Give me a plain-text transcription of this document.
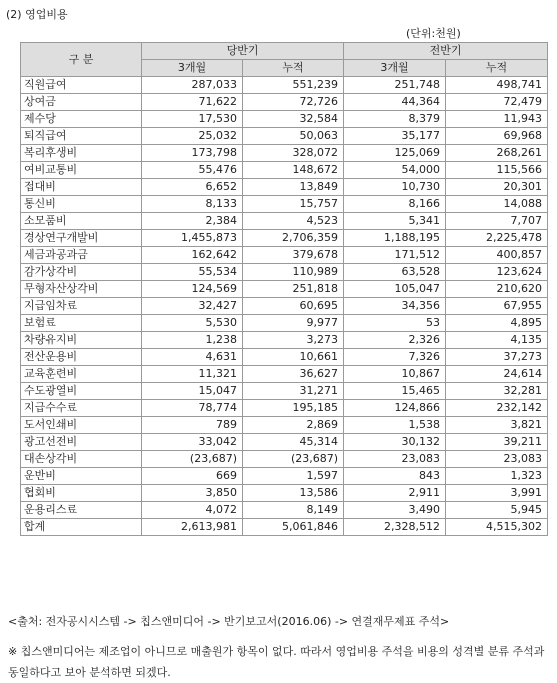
(2) 영업비용
(단위:천원)
구 분	당반기		전반기	
	3개월	누적	3개월	누적
직원급여	287,033	551,239	251,748	498,741
상여금	71,622	72,726	44,364	72,479
제수당	17,530	32,584	8,379	11,943
퇴직급여	25,032	50,063	35,177	69,968
복리후생비	173,798	328,072	125,069	268,261
여비교통비	55,476	148,672	54,000	115,566
접대비	6,652	13,849	10,730	20,301
통신비	8,133	15,757	8,166	14,088
소모품비	2,384	4,523	5,341	7,707
경상연구개발비	1,455,873	2,706,359	1,188,195	2,225,478
세금과공과금	162,642	379,678	171,512	400,857
감가상각비	55,534	110,989	63,528	123,624
무형자산상각비	124,569	251,818	105,047	210,620
지급임차료	32,427	60,695	34,356	67,955
보험료	5,530	9,977	53	4,895
차량유지비	1,238	3,273	2,326	4,135
전산운용비	4,631	10,661	7,326	37,273
교육훈련비	11,321	36,627	10,867	24,614
수도광열비	15,047	31,271	15,465	32,281
지급수수료	78,774	195,185	124,866	232,142
도서인쇄비	789	2,869	1,538	3,821
광고선전비	33,042	45,314	30,132	39,211
대손상각비	(23,687)	(23,687)	23,083	23,083
운반비	669	1,597	843	1,323
협회비	3,850	13,586	2,911	3,991
운용리스료	4,072	8,149	3,490	5,945
합계	2,613,981	5,061,846	2,328,512	4,515,302
<출처: 전자공시시스템 -> 칩스앤미디어 -> 반기보고서(2016.06) -> 연결재무제표 주석>
※ 칩스앤미디어는 제조업이 아니므로 매출원가 항목이 없다. 따라서 영업비용 주석을 비용의 성격별 분류 주석과 동일하다고 보아 분석하면 되겠다.
